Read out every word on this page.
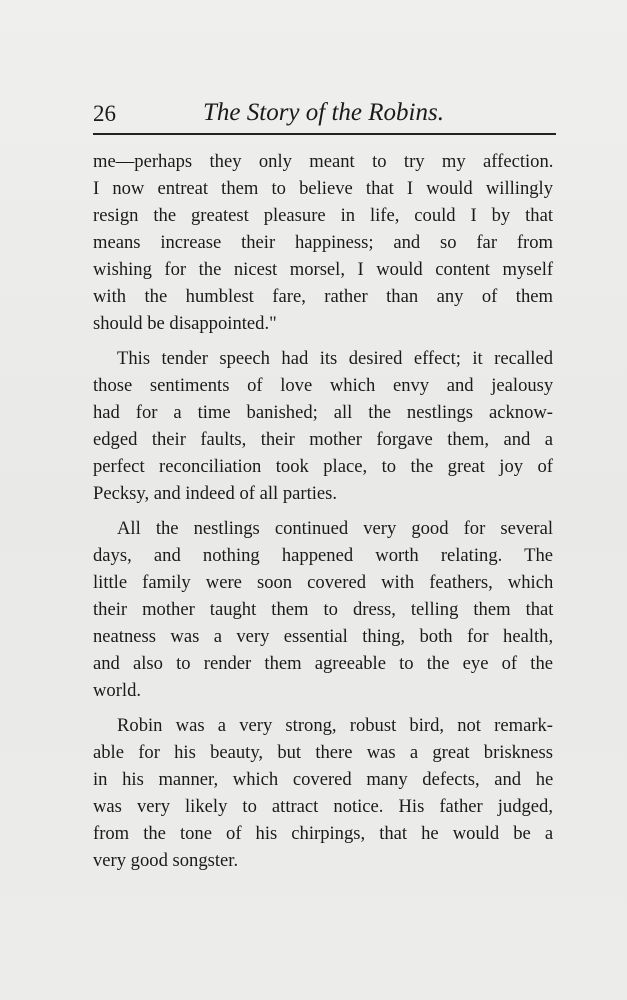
26	The Story of the Robins.

me—perhaps they only meant to try my affection.
I now entreat them to believe that I would willingly
resign the greatest pleasure in life, could I by that
means increase their happiness; and so far from
wishing for the nicest morsel, I would content myself
with the humblest fare, rather than any of them
should be disappointed."

This tender speech had its desired effect; it recalled
those sentiments of love which envy and jealousy
had for a time banished; all the nestlings acknow-
edged their faults, their mother forgave them, and a
perfect reconciliation took place, to the great joy of
Pecksy, and indeed of all parties.

All the nestlings continued very good for several
days, and nothing happened worth relating. The
little family were soon covered with feathers, which
their mother taught them to dress, telling them that
neatness was a very essential thing, both for health,
and also to render them agreeable to the eye of the
world.

Robin was a very strong, robust bird, not remark-
able for his beauty, but there was a great briskness
in his manner, which covered many defects, and he
was very likely to attract notice. His father judged,
from the tone of his chirpings, that he would be a
very good songster.
